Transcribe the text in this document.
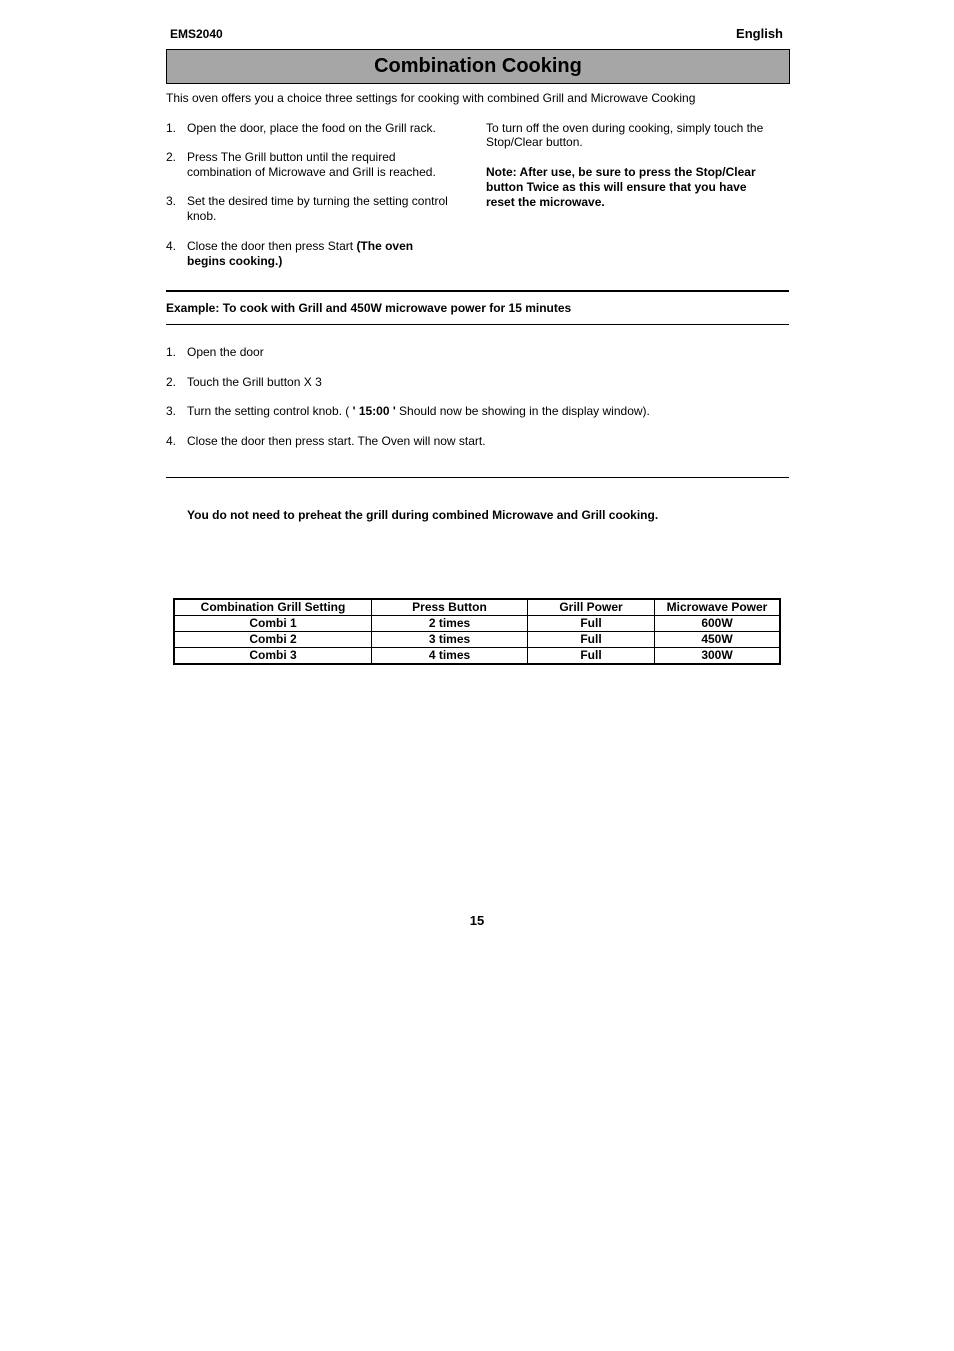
EMS2040	English
Combination Cooking
This oven offers you a choice three settings for cooking with combined Grill and Microwave Cooking
1. Open the door, place the food on the Grill rack.
2. Press The Grill button until the required
combination of Microwave and Grill is reached.
3. Set the desired time by turning the setting control
knob.
4. Close the door then press Start (The oven
begins cooking.)
To turn off the oven during cooking, simply touch the
Stop/Clear button.
Note: After use, be sure to press the Stop/Clear
button Twice as this will ensure that you have
reset the microwave.
Example: To cook with Grill and 450W microwave power for 15 minutes
1. Open the door
2. Touch the Grill button X 3
3. Turn the setting control knob. ( ' 15:00 ' Should now be showing in the display window).
4. Close the door then press start. The Oven will now start.
You do not need to preheat the grill during combined Microwave and Grill cooking.
Combination Grill Setting	Press Button	Grill Power	Microwave Power
Combi 1	2 times	Full	600W
Combi 2	3 times	Full	450W
Combi 3	4 times	Full	300W
15
